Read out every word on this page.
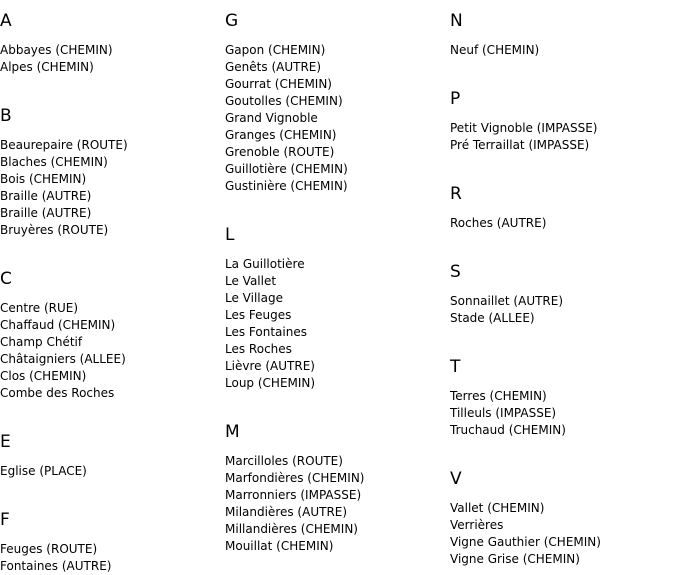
A
Abbayes (CHEMIN)
Alpes (CHEMIN)
B
Beaurepaire (ROUTE)
Blaches (CHEMIN)
Bois (CHEMIN)
Braille (AUTRE)
Braille (AUTRE)
Bruyères (ROUTE)
C
Centre (RUE)
Chaffaud (CHEMIN)
Champ Chétif
Châtaigniers (ALLEE)
Clos (CHEMIN)
Combe des Roches
E
Eglise (PLACE)
F
Feuges (ROUTE)
Fontaines (AUTRE)
G
Gapon (CHEMIN)
Genêts (AUTRE)
Gourrat (CHEMIN)
Goutolles (CHEMIN)
Grand Vignoble
Granges (CHEMIN)
Grenoble (ROUTE)
Guillotière (CHEMIN)
Gustinière (CHEMIN)
L
La Guillotière
Le Vallet
Le Village
Les Feuges
Les Fontaines
Les Roches
Lièvre (AUTRE)
Loup (CHEMIN)
M
Marcilloles (ROUTE)
Marfondières (CHEMIN)
Marronniers (IMPASSE)
Milandières (AUTRE)
Millandières (CHEMIN)
Mouillat (CHEMIN)
N
Neuf (CHEMIN)
P
Petit Vignoble (IMPASSE)
Pré Terraillat (IMPASSE)
R
Roches (AUTRE)
S
Sonnaillet (AUTRE)
Stade (ALLEE)
T
Terres (CHEMIN)
Tilleuls (IMPASSE)
Truchaud (CHEMIN)
V
Vallet (CHEMIN)
Verrières
Vigne Gauthier (CHEMIN)
Vigne Grise (CHEMIN)
